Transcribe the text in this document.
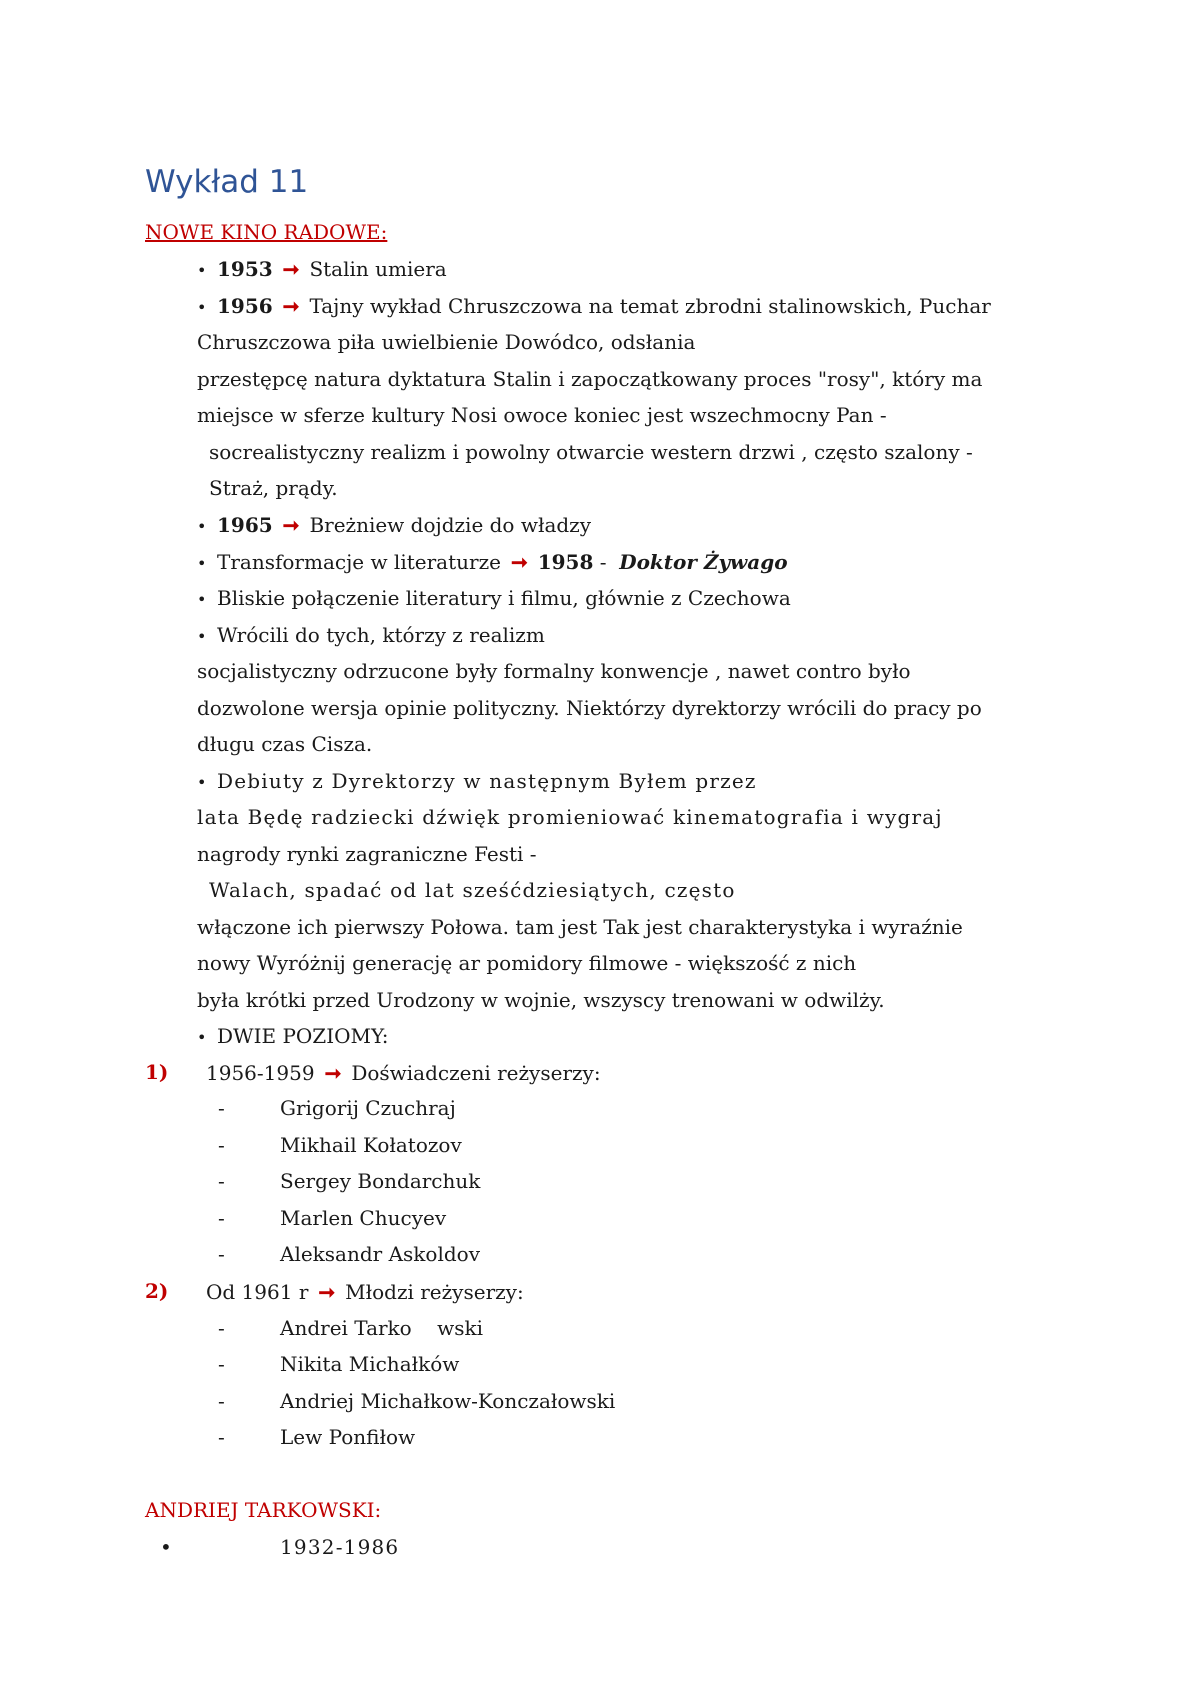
Wykład 11
NOWE KINO RADOWE:
• 1953 ➞ Stalin umiera
• 1956 ➞ Tajny wykład Chruszczowa na temat zbrodni stalinowskich, Puchar
Chruszczowa piła uwielbienie Dowódco, odsłania
przestępcę natura dyktatura Stalin i zapoczątkowany proces "rosy", który ma
miejsce w sferze kultury Nosi owoce koniec jest wszechmocny Pan -
socrealistyczny realizm i powolny otwarcie western drzwi , często szalony -
Straż, prądy.
• 1965 ➞ Breżniew dojdzie do władzy
• Transformacje w literaturze ➞ 1958 - Doktor Żywago
• Bliskie połączenie literatury i filmu, głównie z Czechowa
• Wrócili do tych, którzy z realizm
socjalistyczny odrzucone były formalny konwencje , nawet contro było
dozwolone wersja opinie polityczny. Niektórzy dyrektorzy wrócili do pracy po
długu czas Cisza.
• Debiuty z Dyrektorzy w następnym Byłem przez
lata Będę radziecki dźwięk promieniować kinematografia i wygraj
nagrody rynki zagraniczne Festi -
Walach, spadać od lat sześćdziesiątych, często
włączone ich pierwszy Połowa. tam jest Tak jest charakterystyka i wyraźnie
nowy Wyróżnij generację ar pomidory filmowe - większość z nich
była krótki przed Urodzony w wojnie, wszyscy trenowani w odwilży.
• DWIE POZIOMY:
1) 1956-1959 ➞ Doświadczeni reżyserzy:
-	Grigorij Czuchraj
-	Mikhail Kołatozov
-	Sergey Bondarchuk
-	Marlen Chucyev
-	Aleksandr Askoldov
2) Od 1961 r ➞ Młodzi reżyserzy:
-	Andrei Tarko    wski
-	Nikita Michałków
-	Andriej Michałkow-Konczałowski
-	Lew Ponfiłow
ANDRIEJ TARKOWSKI:
•	1932-1986
